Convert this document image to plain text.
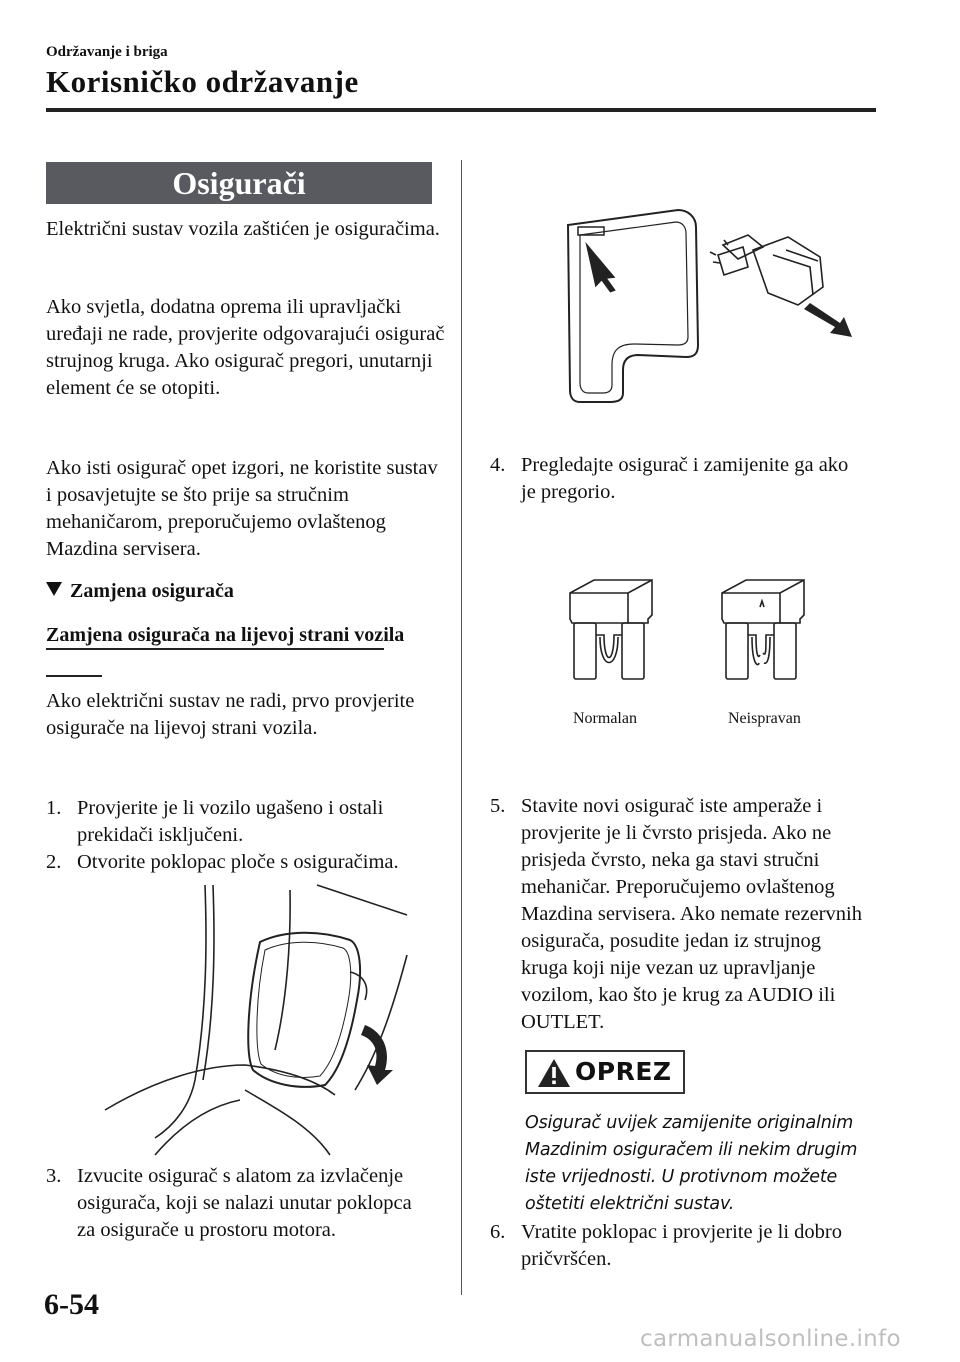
Održavanje i briga
Korisničko održavanje
Osigurači
Električni sustav vozila zaštićen je osiguračima.
Ako svjetla, dodatna oprema ili upravljački uređaji ne rade, provjerite odgovarajući osigurač strujnog kruga. Ako osigurač pregori, unutarnji element će se otopiti.
Ako isti osigurač opet izgori, ne koristite sustav i posavjetujte se što prije sa stručnim mehaničarom, preporučujemo ovlaštenog Mazdina servisera.
Zamjena osigurača
Zamjena osigurača na lijevoj strani vozila
Ako električni sustav ne radi, prvo provjerite osigurače na lijevoj strani vozila.
1. Provjerite je li vozilo ugašeno i ostali prekidači isključeni.
2. Otvorite poklopac ploče s osiguračima.
3. Izvucite osigurač s alatom za izvlačenje osigurača, koji se nalazi unutar poklopca za osigurače u prostoru motora.
4. Pregledajte osigurač i zamijenite ga ako je pregorio.
Normalan	Neispravan
5. Stavite novi osigurač iste amperaže i provjerite je li čvrsto prisjeda. Ako ne prisjeda čvrsto, neka ga stavi stručni mehaničar. Preporučujemo ovlaštenog Mazdina servisera. Ako nemate rezervnih osigurača, posudite jedan iz strujnog kruga koji nije vezan uz upravljanje vozilom, kao što je krug za AUDIO ili OUTLET.
OPREZ
Osigurač uvijek zamijenite originalnim Mazdinim osiguračem ili nekim drugim iste vrijednosti. U protivnom možete oštetiti električni sustav.
6. Vratite poklopac i provjerite je li dobro pričvršćen.
6-54
carmanualsonline.info
